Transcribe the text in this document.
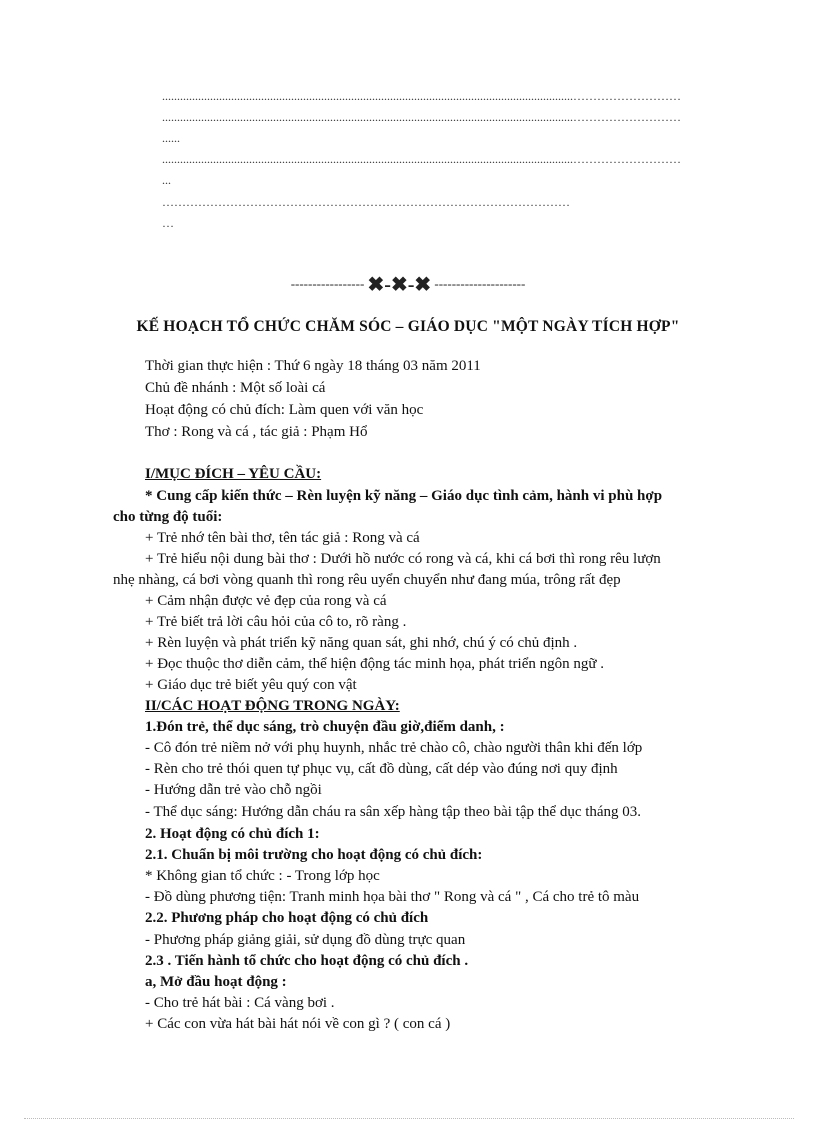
.........................................................................................................................................………………………
.........................................................................................................................................………………………
......
.........................................................................................................................................………………………
...
…………………………………………………………………………………………
…
----------------- ✖-✖-✖ ---------------------
KẾ HOẠCH TỔ CHỨC CHĂM SÓC – GIÁO DỤC "MỘT NGÀY TÍCH HỢP"
Thời gian thực hiện : Thứ 6 ngày 18 tháng 03 năm 2011
Chủ đề nhánh : Một số loài cá
Hoạt động có chủ đích: Làm quen với văn học
Thơ : Rong và cá , tác giả : Phạm Hổ
I/MỤC ĐÍCH – YÊU CẦU:
* Cung cấp kiến thức – Rèn luyện kỹ năng – Giáo dục tình cảm, hành vi phù hợp
cho từng độ tuổi:
+ Trẻ nhớ tên bài thơ, tên tác giả : Rong và cá
+ Trẻ hiểu nội dung bài thơ : Dưới hồ nước có rong và cá, khi cá bơi thì rong rêu lượn
nhẹ nhàng, cá bơi vòng quanh thì rong rêu uyển chuyển như đang múa, trông rất đẹp
+ Cảm nhận được vẻ đẹp của rong và cá
+ Trẻ biết trả lời câu hỏi của cô to, rõ ràng .
+ Rèn luyện và phát triển kỹ năng quan sát, ghi nhớ, chú ý có chủ định .
+ Đọc thuộc thơ diễn cảm, thể hiện động tác minh họa, phát triển ngôn ngữ .
+ Giáo dục trẻ biết yêu quý con vật
II/CÁC HOẠT ĐỘNG TRONG NGÀY:
1.Đón trẻ, thể dục sáng, trò chuyện đầu giờ,điểm danh, :
- Cô đón trẻ niềm nở với phụ huynh, nhắc trẻ chào cô, chào người thân khi đến lớp
- Rèn cho trẻ thói quen tự phục vụ, cất đồ dùng, cất dép vào đúng nơi quy định
- Hướng dẫn trẻ vào chỗ ngồi
- Thể dục sáng: Hướng dẫn cháu ra sân xếp hàng tập theo bài tập thể dục tháng 03.
2. Hoạt động có chủ đích 1:
2.1. Chuẩn bị môi trường cho hoạt động có chủ đích:
* Không gian tổ chức : - Trong lớp học
- Đồ dùng phương tiện: Tranh minh họa bài thơ " Rong và cá " , Cá cho trẻ tô màu
2.2. Phương pháp cho hoạt động có chủ đích
- Phương pháp giảng giải, sử dụng đồ dùng trực quan
2.3 . Tiến hành tổ chức cho hoạt động có chủ đích .
a, Mở đầu hoạt động :
- Cho trẻ hát bài : Cá vàng bơi .
+ Các con vừa hát bài hát nói về con gì ? ( con cá )
